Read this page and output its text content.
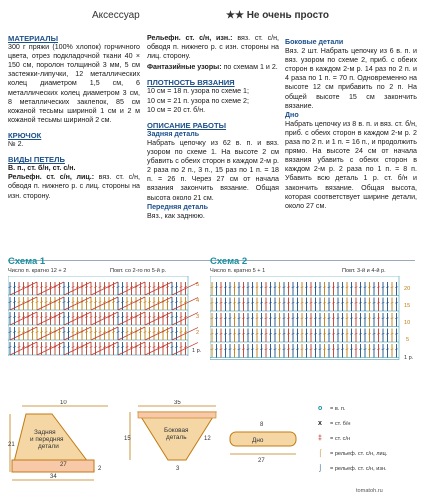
Аксессуар	★★ Не очень просто

МАТЕРИАЛЫ

300 г пряжи (100% хлопок) горчичного цвета, отрез подкладочной ткани 40 × 150 см, поролон толщиной 3 мм, 5 см застежки-липучки, 12 металлических колец диаметром 1,5 см, 6 металлических колец диаметром 3 см, 8 металлических заклепок, 85 см кожаной тесьмы шириной 1 см и 2 м кожаной тесьмы шириной 2 см.

КРЮЧОК

№ 2.

ВИДЫ ПЕТЕЛЬ

В. п., ст. б/н, ст. с/н.

Рельефн. ст. с/н, лиц.: вяз. ст. с/н, обводя п. нижнего р. с лиц. стороны на изн. сторону.

Рельефн. ст. с/н, изн.: вяз. ст. с/н, обводя п. нижнего р. с изн. стороны на лиц. сторону.

Фантазийные узоры: по схемам 1 и 2.

ПЛОТНОСТЬ ВЯЗАНИЯ

10 см = 18 п. узора по схеме 1;

10 см = 21 п. узора по схеме 2;

10 см = 20 ст. б/н.

ОПИСАНИЕ РАБОТЫ

Задняя деталь

Набрать цепочку из 62 в. п. и вяз. узором по схеме 1. На высоте 2 см убавить с обеих сторон в каждом 2-м р. 2 раза по 2 п., 3 п., 15 раз по 1 п. = 18 п. = 26 п. Через 27 см от начала вязания закончить вязание. Общая высота около 21 см.

Передняя деталь

Вяз., как заднюю.

Боковые детали

Вяз. 2 шт. Набрать цепочку из 6 в. п. и вяз. узором по схеме 2, приб. с обеих сторон в каждом 2-м р. 14 раз по 2 п. и 4 раза по 1 п. = 70 п. Одновременно на высоте 12 см прибавить по 2 п. На общей высоте 15 см закончить вязание.

Дно

Набрать цепочку из 8 в. п. и вяз. ст. б/н, приб. с обеих сторон в каждом 2-м р. 2 раза по 2 п. и 1 п. = 16 п., и продолжить прямо. На высоте 24 см от начала вязания убавить с обеих сторон в каждом 2-м р. 2 раза по 1 п. = 8 п. Убавить всю деталь 1 р. ст. б/н и закончить вязание. Общая высота, которая соответствует ширине детали, около 27 см.

Схема 1
Число п. кратно 12 + 2	Повт. со 2-го по 5-й р.
1 р.
Схема 2
Число п. кратно 5 + 1	Повт. 3-й и 4-й р.
1 р.
5
4
3
2
20
15
10
5
10
Задняя и передняя детали
27
21
34
2
35
Боковая деталь
15
3
12
8
Дно
27
o = в. п.
x = ст. б/н
‡ = ст. с/н
⌠ = рельеф. ст. с/н, лиц.
⌡ = рельеф. ст. с/н, изн.
tomatoh.ru
